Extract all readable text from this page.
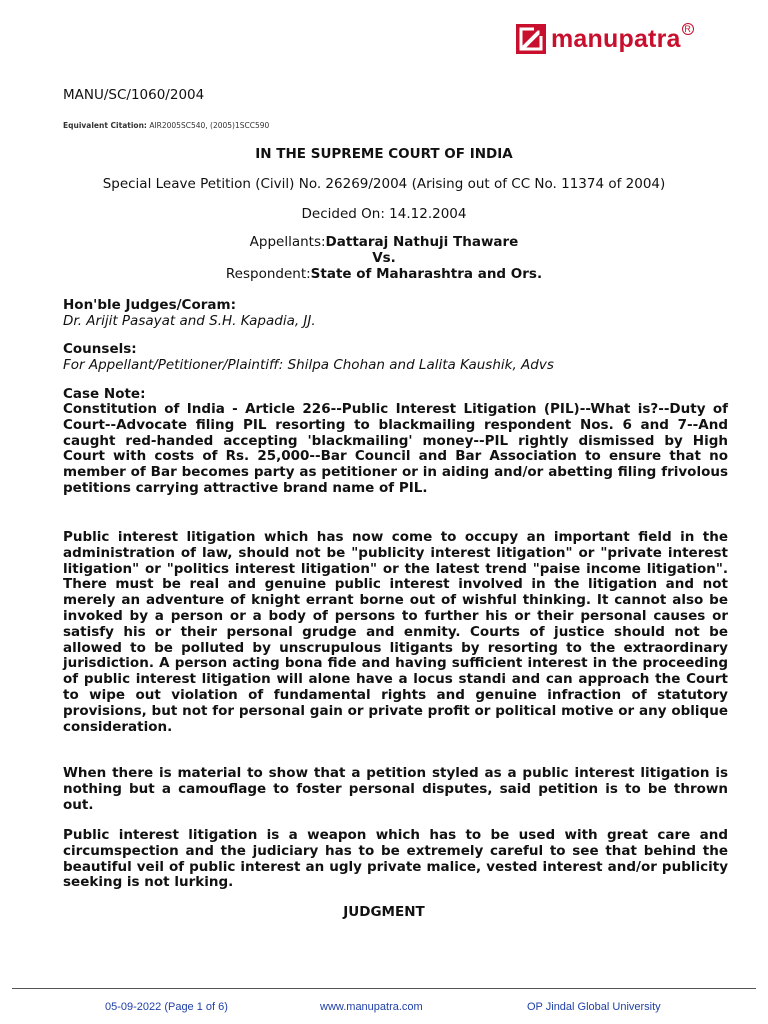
manupatra R
MANU/SC/1060/2004
Equivalent Citation: AIR2005SC540, (2005)1SCC590
IN THE SUPREME COURT OF INDIA
Special Leave Petition (Civil) No. 26269/2004 (Arising out of CC No. 11374 of 2004)
Decided On: 14.12.2004
Appellants:Dattaraj Nathuji Thaware
Vs.
Respondent:State of Maharashtra and Ors.
Hon'ble Judges/Coram:
Dr. Arijit Pasayat and S.H. Kapadia, JJ.
Counsels:
For Appellant/Petitioner/Plaintiff: Shilpa Chohan and Lalita Kaushik, Advs
Case Note:
Constitution of India - Article 226--Public Interest Litigation (PIL)--What is?--Duty of Court--Advocate filing PIL resorting to blackmailing respondent Nos. 6 and 7--And caught red-handed accepting 'blackmailing' money--PIL rightly dismissed by High Court with costs of Rs. 25,000--Bar Council and Bar Association to ensure that no member of Bar becomes party as petitioner or in aiding and/or abetting filing frivolous petitions carrying attractive brand name of PIL.
Public interest litigation which has now come to occupy an important field in the administration of law, should not be "publicity interest litigation" or "private interest litigation" or "politics interest litigation" or the latest trend "paise income litigation". There must be real and genuine public interest involved in the litigation and not merely an adventure of knight errant borne out of wishful thinking. It cannot also be invoked by a person or a body of persons to further his or their personal causes or satisfy his or their personal grudge and enmity. Courts of justice should not be allowed to be polluted by unscrupulous litigants by resorting to the extraordinary jurisdiction. A person acting bona fide and having sufficient interest in the proceeding of public interest litigation will alone have a locus standi and can approach the Court to wipe out violation of fundamental rights and genuine infraction of statutory provisions, but not for personal gain or private profit or political motive or any oblique consideration.
When there is material to show that a petition styled as a public interest litigation is nothing but a camouflage to foster personal disputes, said petition is to be thrown out.
Public interest litigation is a weapon which has to be used with great care and circumspection and the judiciary has to be extremely careful to see that behind the beautiful veil of public interest an ugly private malice, vested interest and/or publicity seeking is not lurking.
JUDGMENT
05-09-2022 (Page 1 of 6)	www.manupatra.com	OP Jindal Global University
